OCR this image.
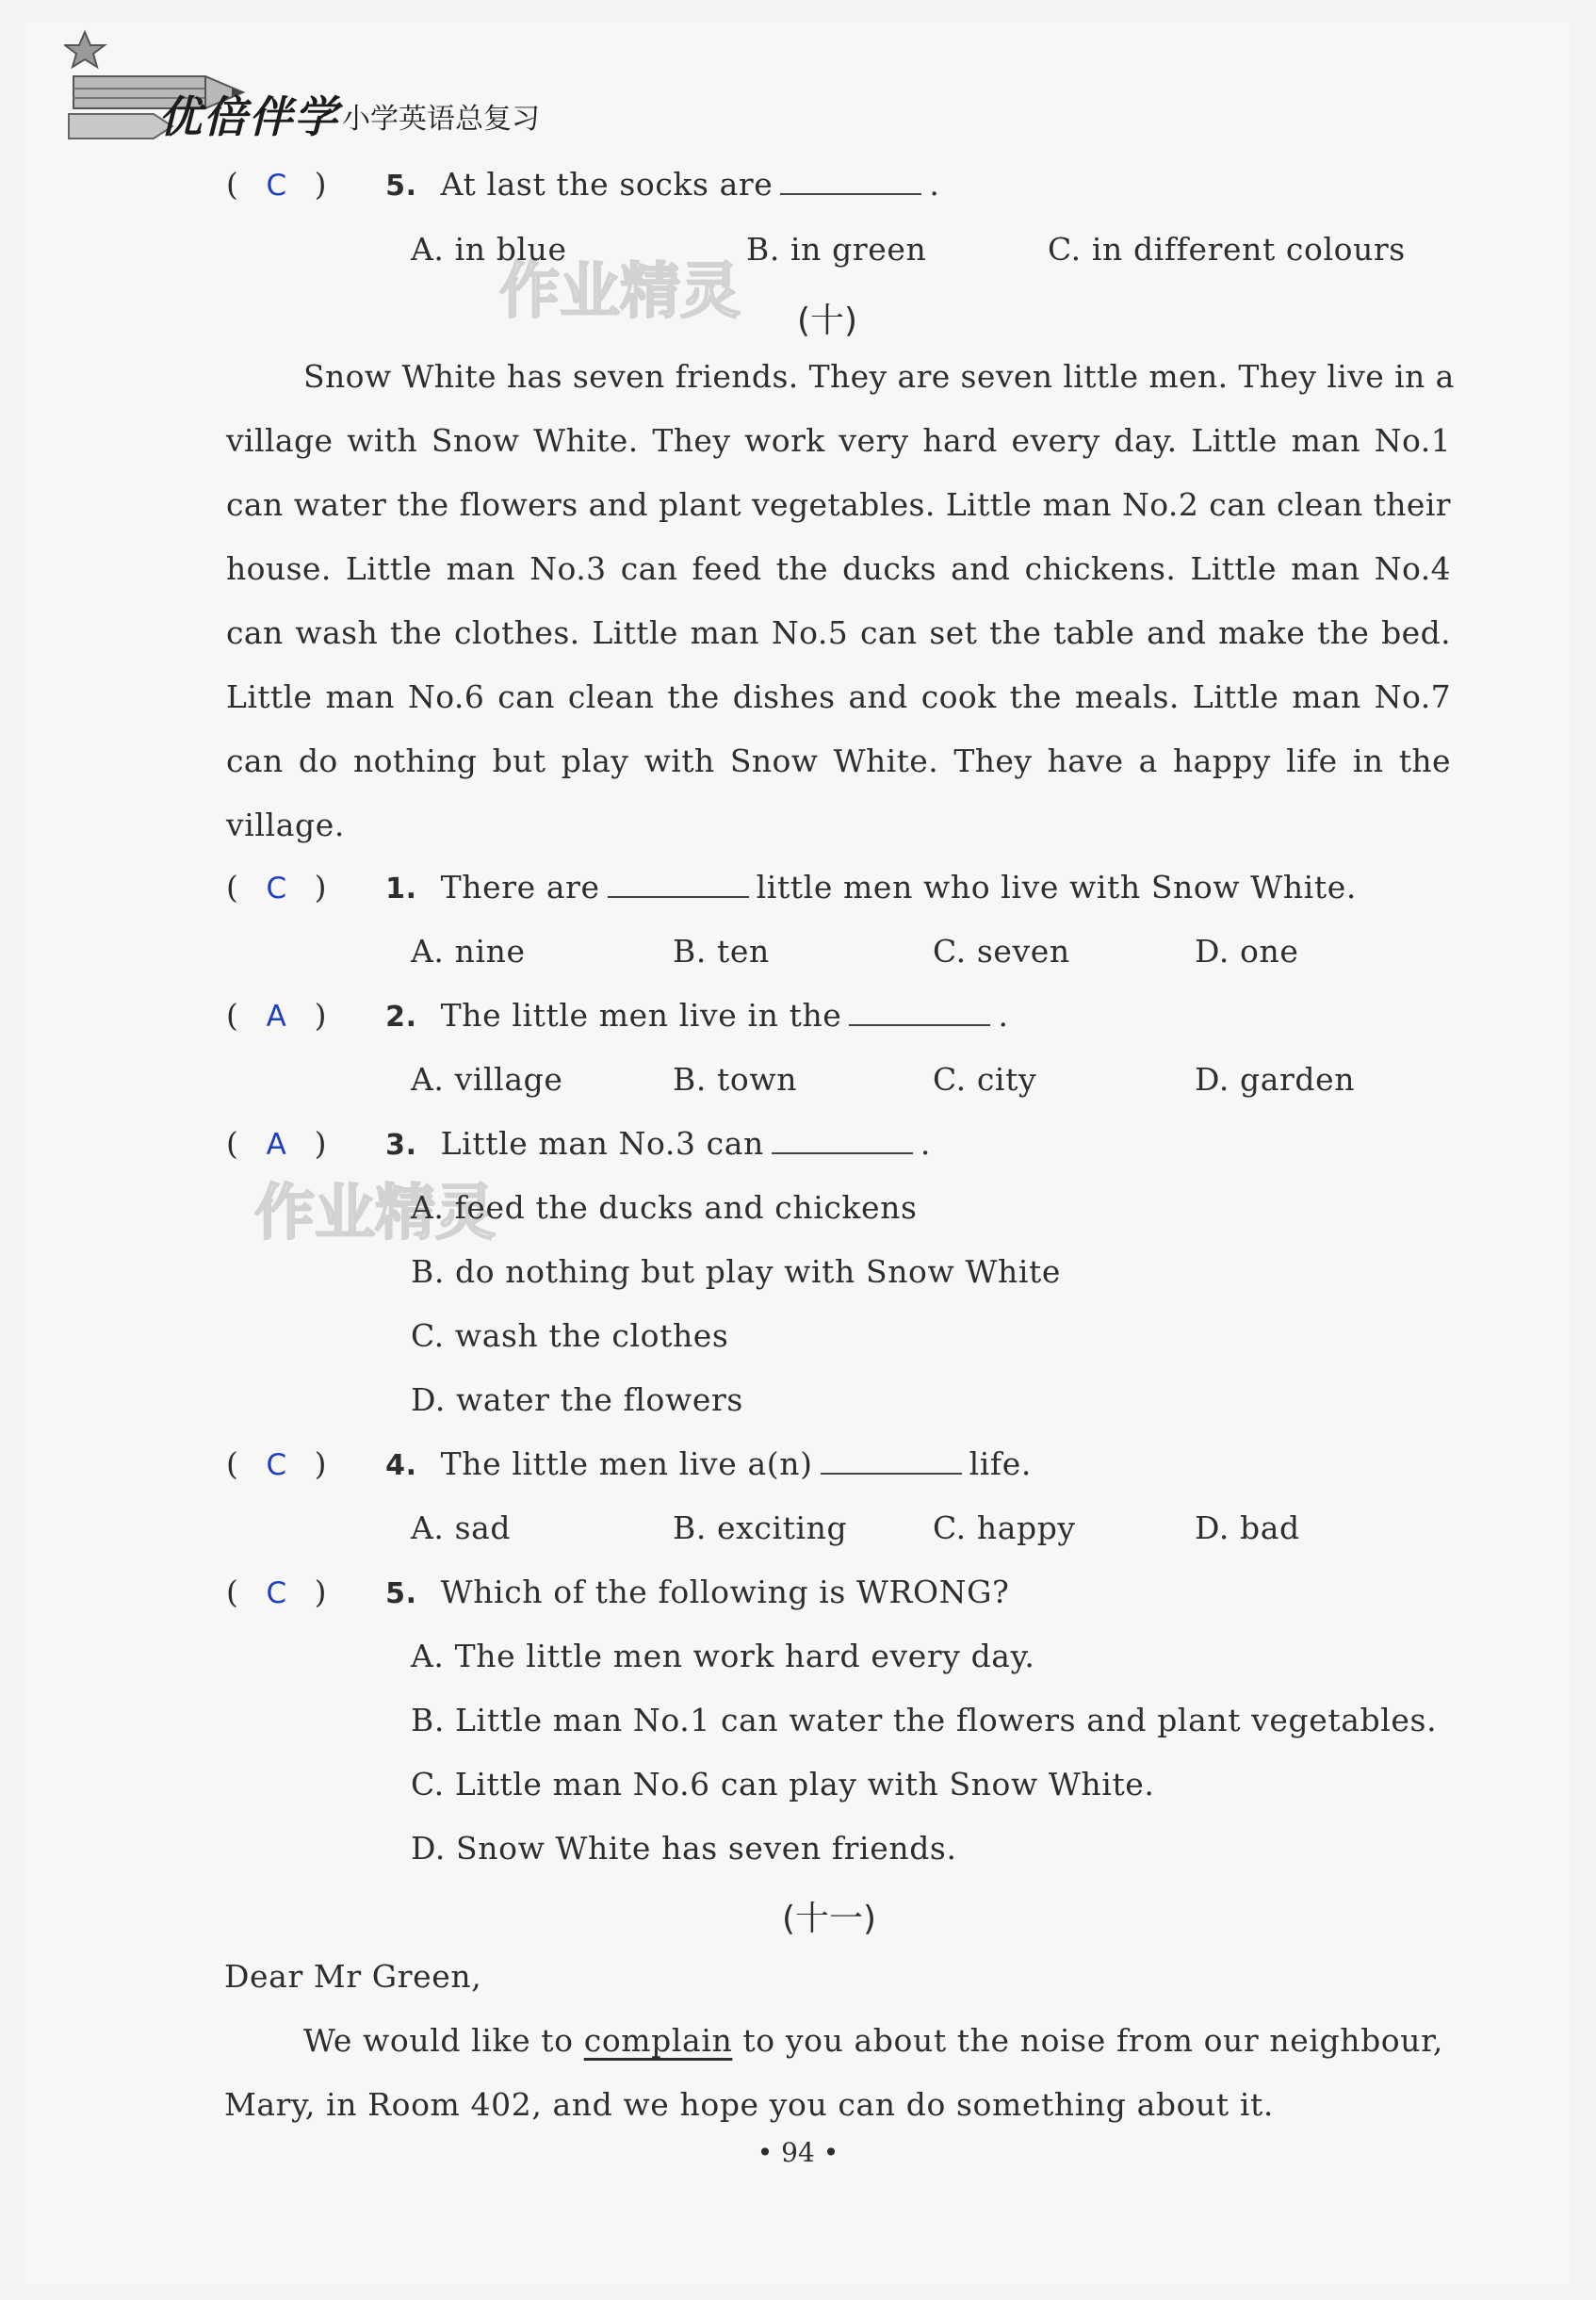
优倍伴学 小学英语总复习
作业精灵
作业精灵
( C ) 5. At last the socks are	.
A. in blue	B. in green	C. in different colours
(十)
Snow White has seven friends. They are seven little men. They live in a
village with Snow White. They work very hard every day. Little man No.1
can water the flowers and plant vegetables. Little man No.2 can clean their
house. Little man No.3 can feed the ducks and chickens. Little man No.4
can wash the clothes. Little man No.5 can set the table and make the bed.
Little man No.6 can clean the dishes and cook the meals. Little man No.7
can do nothing but play with Snow White. They have a happy life in the
village.
( C ) 1. There are	little men who live with Snow White.
A. nine	B. ten	C. seven	D. one
( A ) 2. The little men live in the	.
A. village	B. town	C. city	D. garden
( A ) 3. Little man No.3 can	.
A. feed the ducks and chickens
B. do nothing but play with Snow White
C. wash the clothes
D. water the flowers
( C ) 4. The little men live a(n)	life.
A. sad	B. exciting	C. happy	D. bad
( C ) 5. Which of the following is WRONG?
A. The little men work hard every day.
B. Little man No.1 can water the flowers and plant vegetables.
C. Little man No.6 can play with Snow White.
D. Snow White has seven friends.
(十一)
Dear Mr Green,
We would like to complain to you about the noise from our neighbour,
Mary, in Room 402, and we hope you can do something about it.
• 94 •
